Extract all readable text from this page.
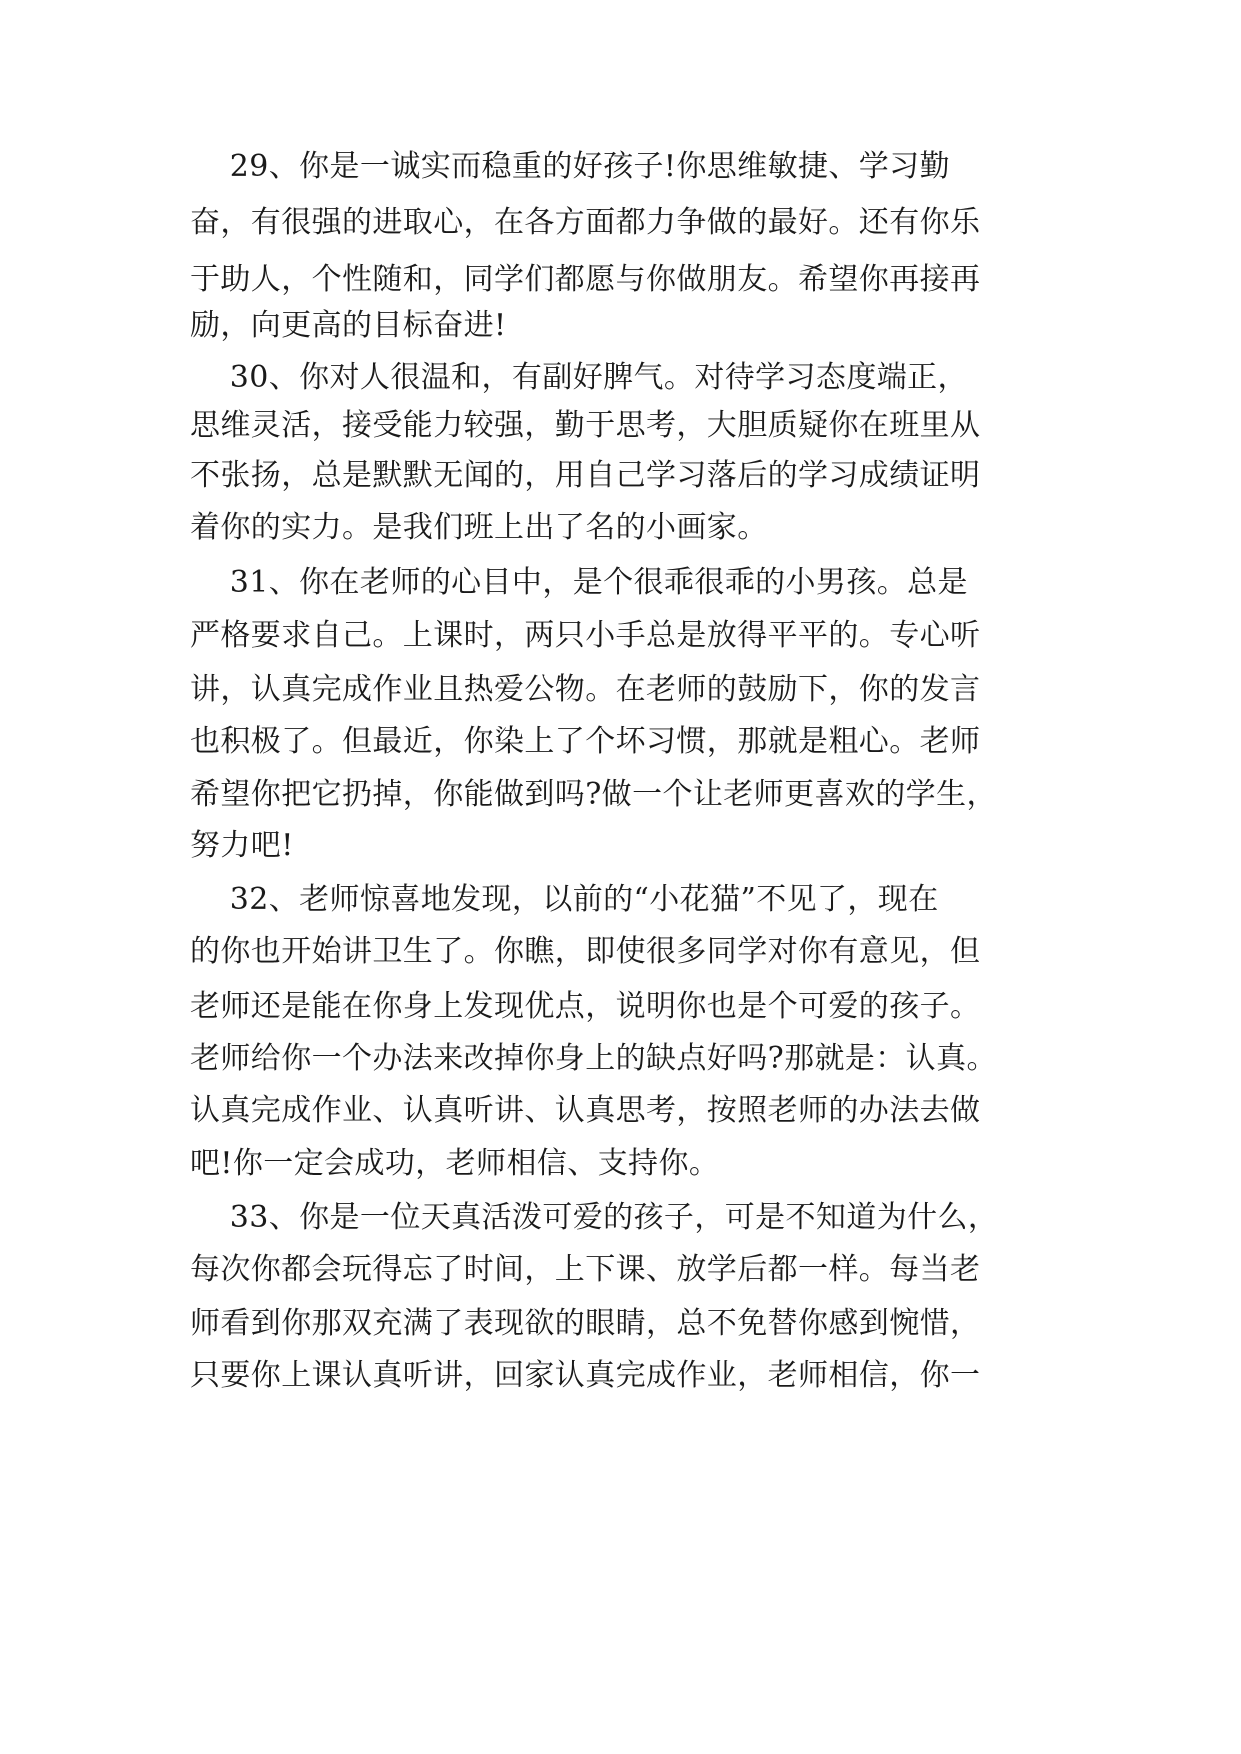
29、你是一诚实而稳重的好孩子!你思维敏捷、学习勤
奋，有很强的进取心，在各方面都力争做的最好。还有你乐
于助人，个性随和，同学们都愿与你做朋友。希望你再接再
励，向更高的目标奋进!
30、你对人很温和，有副好脾气。对待学习态度端正，
思维灵活，接受能力较强，勤于思考，大胆质疑你在班里从
不张扬，总是默默无闻的，用自己学习落后的学习成绩证明
着你的实力。是我们班上出了名的小画家。
31、你在老师的心目中，是个很乖很乖的小男孩。总是
严格要求自己。上课时，两只小手总是放得平平的。专心听
讲，认真完成作业且热爱公物。在老师的鼓励下，你的发言
也积极了。但最近，你染上了个坏习惯，那就是粗心。老师
希望你把它扔掉，你能做到吗?做一个让老师更喜欢的学生，
努力吧!
32、老师惊喜地发现，以前的“小花猫”不见了，现在
的你也开始讲卫生了。你瞧，即使很多同学对你有意见，但
老师还是能在你身上发现优点，说明你也是个可爱的孩子。
老师给你一个办法来改掉你身上的缺点好吗?那就是：认真。
认真完成作业、认真听讲、认真思考，按照老师的办法去做
吧!你一定会成功，老师相信、支持你。
33、你是一位天真活泼可爱的孩子，可是不知道为什么，
每次你都会玩得忘了时间，上下课、放学后都一样。每当老
师看到你那双充满了表现欲的眼睛，总不免替你感到惋惜，
只要你上课认真听讲，回家认真完成作业，老师相信，你一
